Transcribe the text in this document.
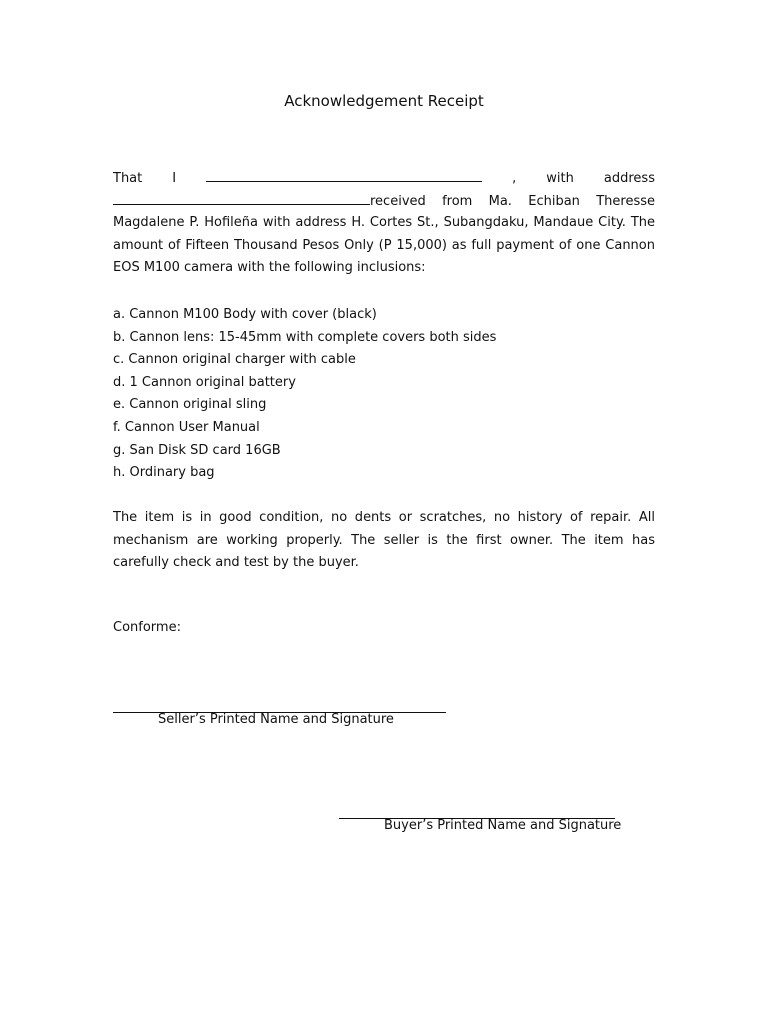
Acknowledgement Receipt
That I	, with address
received from Ma. Echiban Theresse
Magdalene P. Hofileña with address H. Cortes St., Subangdaku, Mandaue City. The amount of Fifteen Thousand Pesos Only (P 15,000) as full payment of one Cannon EOS M100 camera with the following inclusions:
a. Cannon M100 Body with cover (black)
b. Cannon lens: 15-45mm with complete covers both sides
c. Cannon original charger with cable
d. 1 Cannon original battery
e. Cannon original sling
f. Cannon User Manual
g. San Disk SD card 16GB
h. Ordinary bag
The item is in good condition, no dents or scratches, no history of repair. All mechanism are working properly. The seller is the first owner. The item has carefully check and test by the buyer.
Conforme:
Seller’s Printed Name and Signature
Buyer’s Printed Name and Signature
